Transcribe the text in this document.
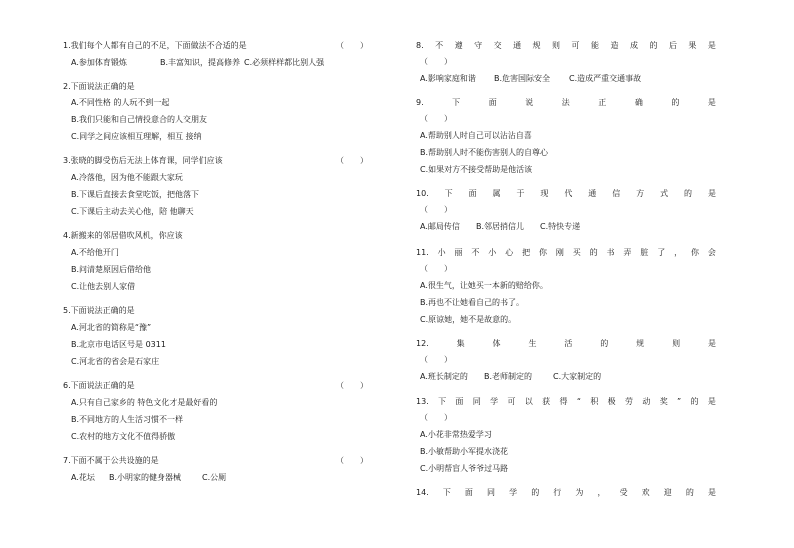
1.我们每个人都有自己的不足，下面做法不合适的是	（　　）
A.参加体育锻炼	B.丰富知识，提高修养 C.必须样样都比别人强
2.下面说法正确的是
A.不同性格 的人玩不到一起
B.我们只能和自己情投意合的人交朋友
C.同学之间应该相互理解，相互 接纳
3.张晓的脚受伤后无法上体育课，同学们应该	（　　）
A.冷落他，因为他不能跟大家玩
B.下课后直接去食堂吃饭，把他落下
C.下课后主动去关心他，陪 他聊天
4.新搬来的邻居借吹风机，你应该
A.不给他开门
B.问清楚原因后借给他
C.让他去别人家借
5.下面说法正确的是
A.河北省的简称是“豫”
B.北京市电话区号是 0311
C.河北省的省会是石家庄
6.下面说法正确的是	（　　）
A.只有自己家乡的 特色文化才是最好看的
B.不同地方的人生活习惯不一样
C.农村的地方文化不值得骄傲
7.下面不属于公共设施的是	（　　）
A.花坛 B.小明家的健身器械	C.公厕
8. 不 遵 守 交 通 规 则 可 能 造 成 的 后 果 是
（　　）
A.影响家庭和谐 B.危害国际安全 C.造成严重交通事故
9.	下	面	说	法	正	确	的	是
（　　）
A.帮助别人时自己可以沾沾自喜
B.帮助别人时不能伤害别人的自尊心
C.如果对方不接受帮助是他活该
10. 下 面 属 于 现 代 通 信 方 式 的 是
（　　）
A.邮局传信 B.邻居捎信儿 C.特快专递
11. 小 丽 不 小 心 把 你 刚 买 的 书 弄 脏 了 ， 你 会
（　　）
A.很生气，让她买一本新的赔给你。
B.再也不让她看自己的书了。
C.原谅她，她不是故意的。
12.	集	体	生	活	的	规	则	是
（　　）
A.班长制定的 B.老师制定的	C.大家制定的
13. 下 面 同 学 可 以 获 得 “ 积 极 劳 动 奖 ” 的 是
（　　）
A.小花非常热爱学习
B.小敏帮助小军提水浇花
C.小明帮盲人爷爷过马路
14. 下 面 同 学 的 行 为 ， 受 欢 迎 的 是
